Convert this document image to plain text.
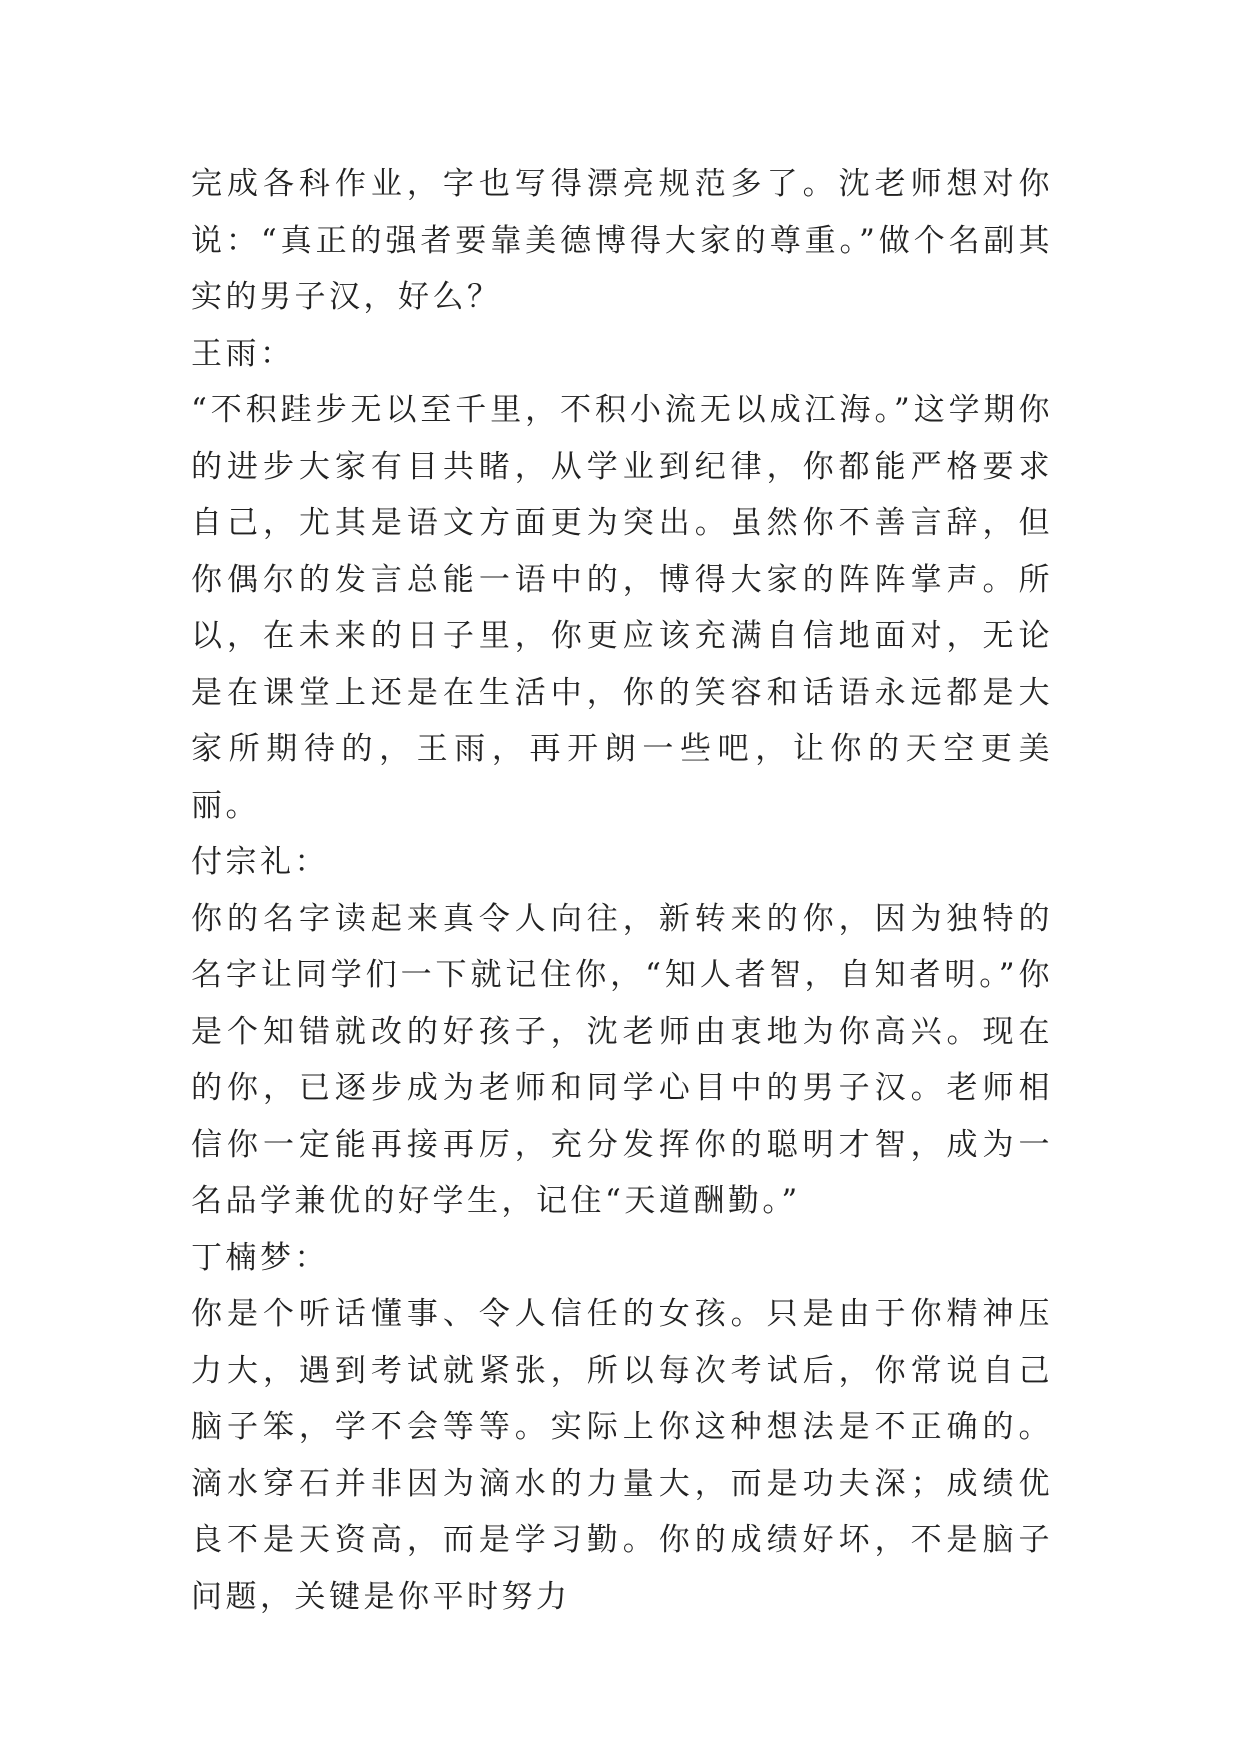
完成各科作业，字也写得漂亮规范多了。沈老师想对你说：“真正的强者要靠美德博得大家的尊重。”做个名副其实的男子汉，好么？

王雨：

“不积跬步无以至千里，不积小流无以成江海。”这学期你的进步大家有目共睹，从学业到纪律，你都能严格要求自己，尤其是语文方面更为突出。虽然你不善言辞，但你偶尔的发言总能一语中的，博得大家的阵阵掌声。所以，在未来的日子里，你更应该充满自信地面对，无论是在课堂上还是在生活中，你的笑容和话语永远都是大家所期待的，王雨，再开朗一些吧，让你的天空更美丽。

付宗礼：

你的名字读起来真令人向往，新转来的你，因为独特的名字让同学们一下就记住你，“知人者智，自知者明。”你是个知错就改的好孩子，沈老师由衷地为你高兴。现在的你，已逐步成为老师和同学心目中的男子汉。老师相信你一定能再接再厉，充分发挥你的聪明才智，成为一名品学兼优的好学生，记住“天道酬勤。”

丁楠梦：

你是个听话懂事、令人信任的女孩。只是由于你精神压力大，遇到考试就紧张，所以每次考试后，你常说自己脑子笨，学不会等等。实际上你这种想法是不正确的。滴水穿石并非因为滴水的力量大，而是功夫深；成绩优良不是天资高，而是学习勤。你的成绩好坏，不是脑子问题，关键是你平时努力
